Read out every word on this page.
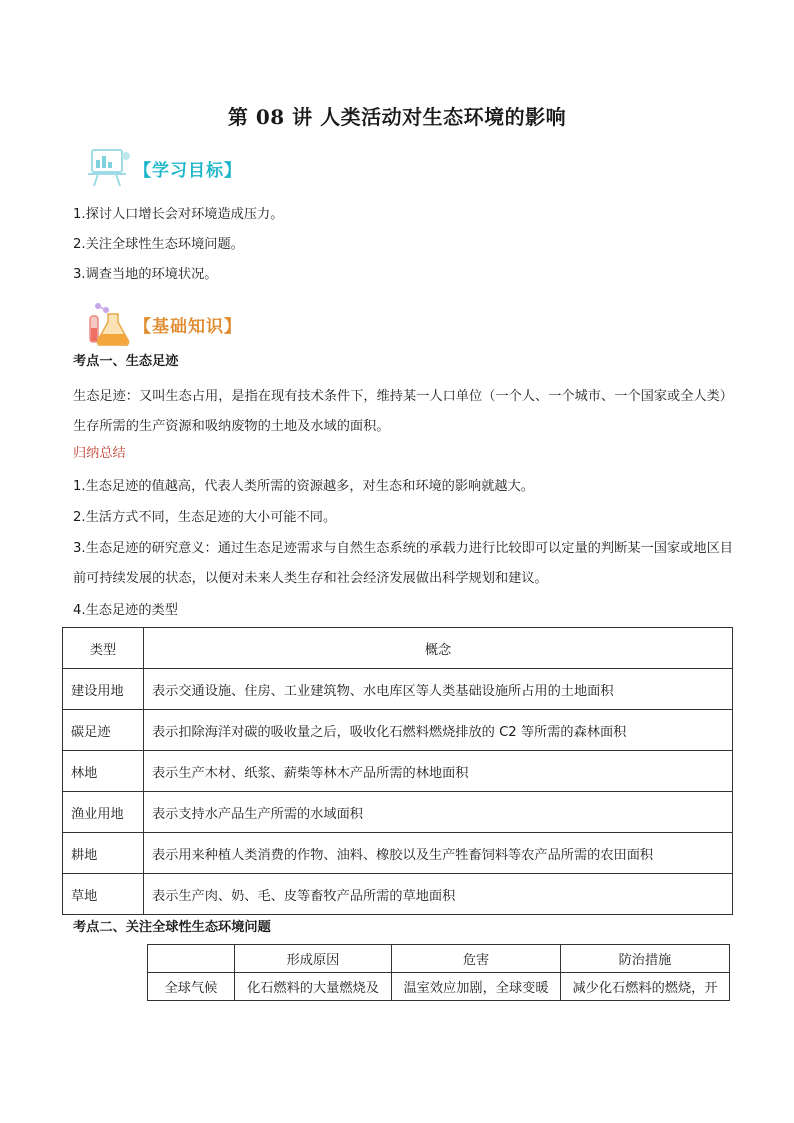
第 08 讲 人类活动对生态环境的影响
【学习目标】
1.探讨人口增长会对环境造成压力。
2.关注全球性生态环境问题。
3.调查当地的环境状况。
【基础知识】
考点一、生态足迹
生态足迹：又叫生态占用，是指在现有技术条件下，维持某一人口单位（一个人、一个城市、一个国家或全人类）生存所需的生产资源和吸纳废物的土地及水域的面积。
归纳总结
1.生态足迹的值越高，代表人类所需的资源越多，对生态和环境的影响就越大。
2.生活方式不同，生态足迹的大小可能不同。
3.生态足迹的研究意义：通过生态足迹需求与自然生态系统的承载力进行比较即可以定量的判断某一国家或地区目前可持续发展的状态，以便对未来人类生存和社会经济发展做出科学规划和建议。
4.生态足迹的类型
类型	概念
建设用地	表示交通设施、住房、工业建筑物、水电库区等人类基础设施所占用的土地面积
碳足迹	表示扣除海洋对碳的吸收量之后，吸收化石燃料燃烧排放的 C2 等所需的森林面积
林地	表示生产木材、纸浆、薪柴等林木产品所需的林地面积
渔业用地	表示支持水产品生产所需的水域面积
耕地	表示用来种植人类消费的作物、油料、橡胶以及生产牲畜饲料等农产品所需的农田面积
草地	表示生产肉、奶、毛、皮等畜牧产品所需的草地面积
考点二、关注全球性生态环境问题
	形成原因	危害	防治措施
全球气候	化石燃料的大量燃烧及	温室效应加剧，全球变暖	减少化石燃料的燃烧，开
